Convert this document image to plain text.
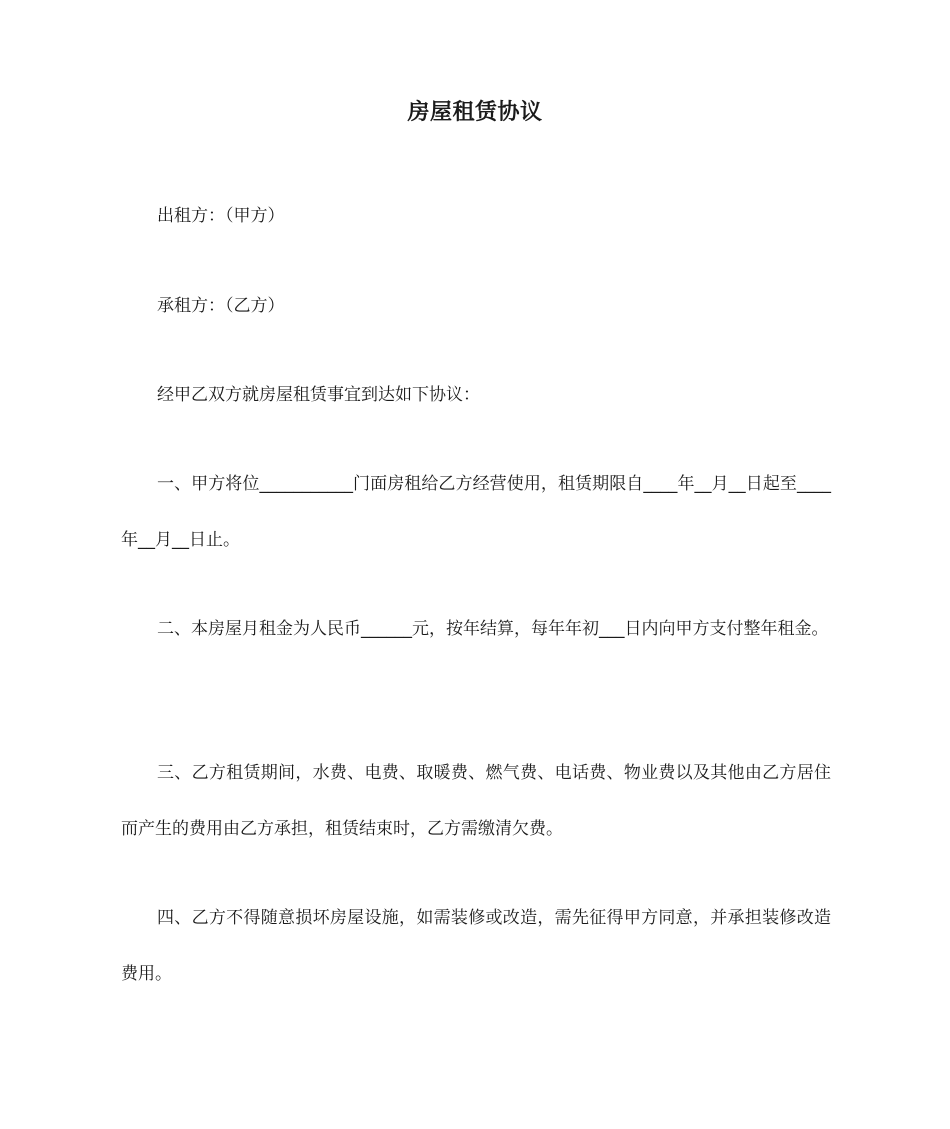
房屋租赁协议

出租方：（甲方）

承租方：（乙方）

经甲乙双方就房屋租赁事宜到达如下协议：

一、甲方将位___________门面房租给乙方经营使用，租赁期限自____年__月__日起至____年__月__日止。

二、本房屋月租金为人民币______元，按年结算，每年年初___日内向甲方支付整年租金。

三、乙方租赁期间，水费、电费、取暖费、燃气费、电话费、物业费以及其他由乙方居住而产生的费用由乙方承担，租赁结束时，乙方需缴清欠费。

四、乙方不得随意损坏房屋设施，如需装修或改造，需先征得甲方同意，并承担装修改造费用。
